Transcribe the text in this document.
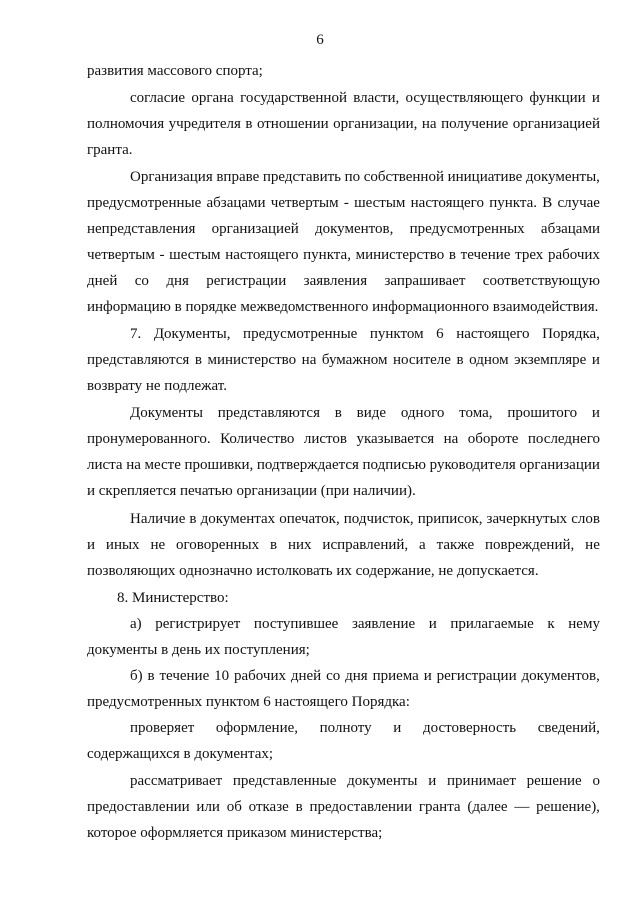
6
развития массового спорта;
согласие органа государственной власти, осуществляющего функции и
полномочия учредителя в отношении организации, на получение организацией
гранта.
Организация вправе представить по собственной инициативе документы,
предусмотренные абзацами четвертым - шестым настоящего пункта. В случае
непредставления организацией документов, предусмотренных абзацами
четвертым - шестым настоящего пункта, министерство в течение трех рабочих
дней со дня регистрации заявления запрашивает соответствующую
информацию в порядке межведомственного информационного взаимодействия.
7. Документы, предусмотренные пунктом 6 настоящего Порядка,
представляются в министерство на бумажном носителе в одном экземпляре и
возврату не подлежат.
Документы представляются в виде одного тома, прошитого и
пронумерованного. Количество листов указывается на обороте последнего
листа на месте прошивки, подтверждается подписью руководителя организации
и скрепляется печатью организации (при наличии).
Наличие в документах опечаток, подчисток, приписок, зачеркнутых слов
и иных не оговоренных в них исправлений, а также повреждений, не
позволяющих однозначно истолковать их содержание, не допускается.
8. Министерство:
а) регистрирует поступившее заявление и прилагаемые к нему
документы в день их поступления;
б) в течение 10 рабочих дней со дня приема и регистрации документов,
предусмотренных пунктом 6 настоящего Порядка:
проверяет оформление, полноту и достоверность сведений,
содержащихся в документах;
рассматривает представленные документы и принимает решение о
предоставлении или об отказе в предоставлении гранта (далее — решение),
которое оформляется приказом министерства;
